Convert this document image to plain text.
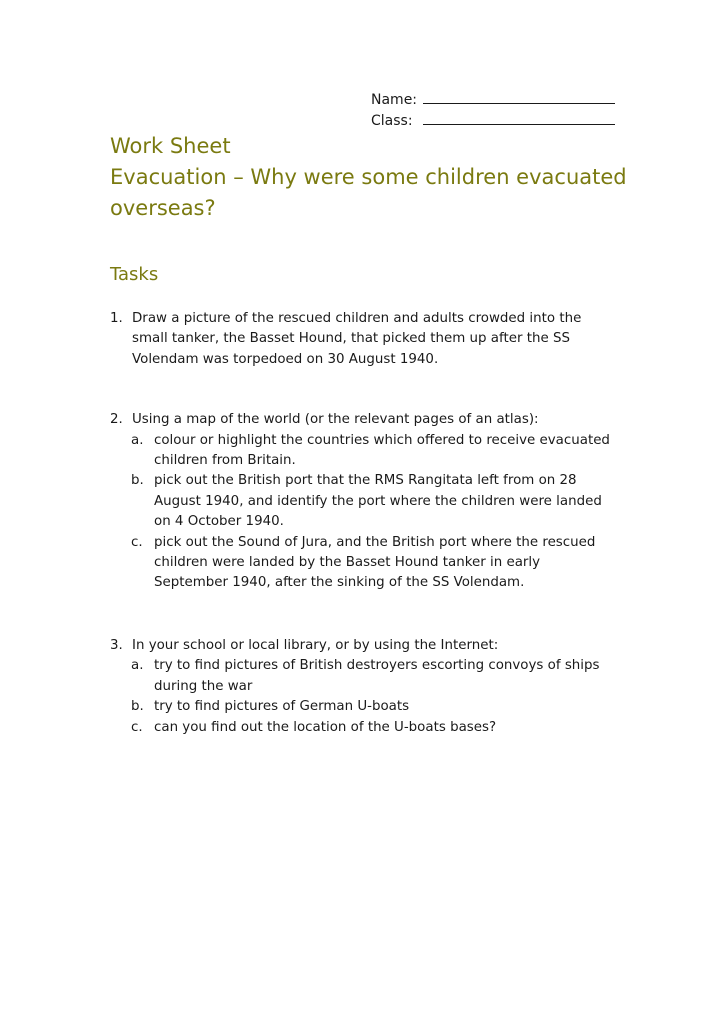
Name:
Class:
Work Sheet
Evacuation – Why were some children evacuated
overseas?
Tasks
1. Draw a picture of the rescued children and adults crowded into the small tanker, the Basset Hound, that picked them up after the SS Volendam was torpedoed on 30 August 1940.
2. Using a map of the world (or the relevant pages of an atlas):
a. colour or highlight the countries which offered to receive evacuated children from Britain.
b. pick out the British port that the RMS Rangitata left from on 28 August 1940, and identify the port where the children were landed on 4 October 1940.
c. pick out the Sound of Jura, and the British port where the rescued children were landed by the Basset Hound tanker in early September 1940, after the sinking of the SS Volendam.
3. In your school or local library, or by using the Internet:
a. try to find pictures of British destroyers escorting convoys of ships during the war
b. try to find pictures of German U-boats
c. can you find out the location of the U-boats bases?
